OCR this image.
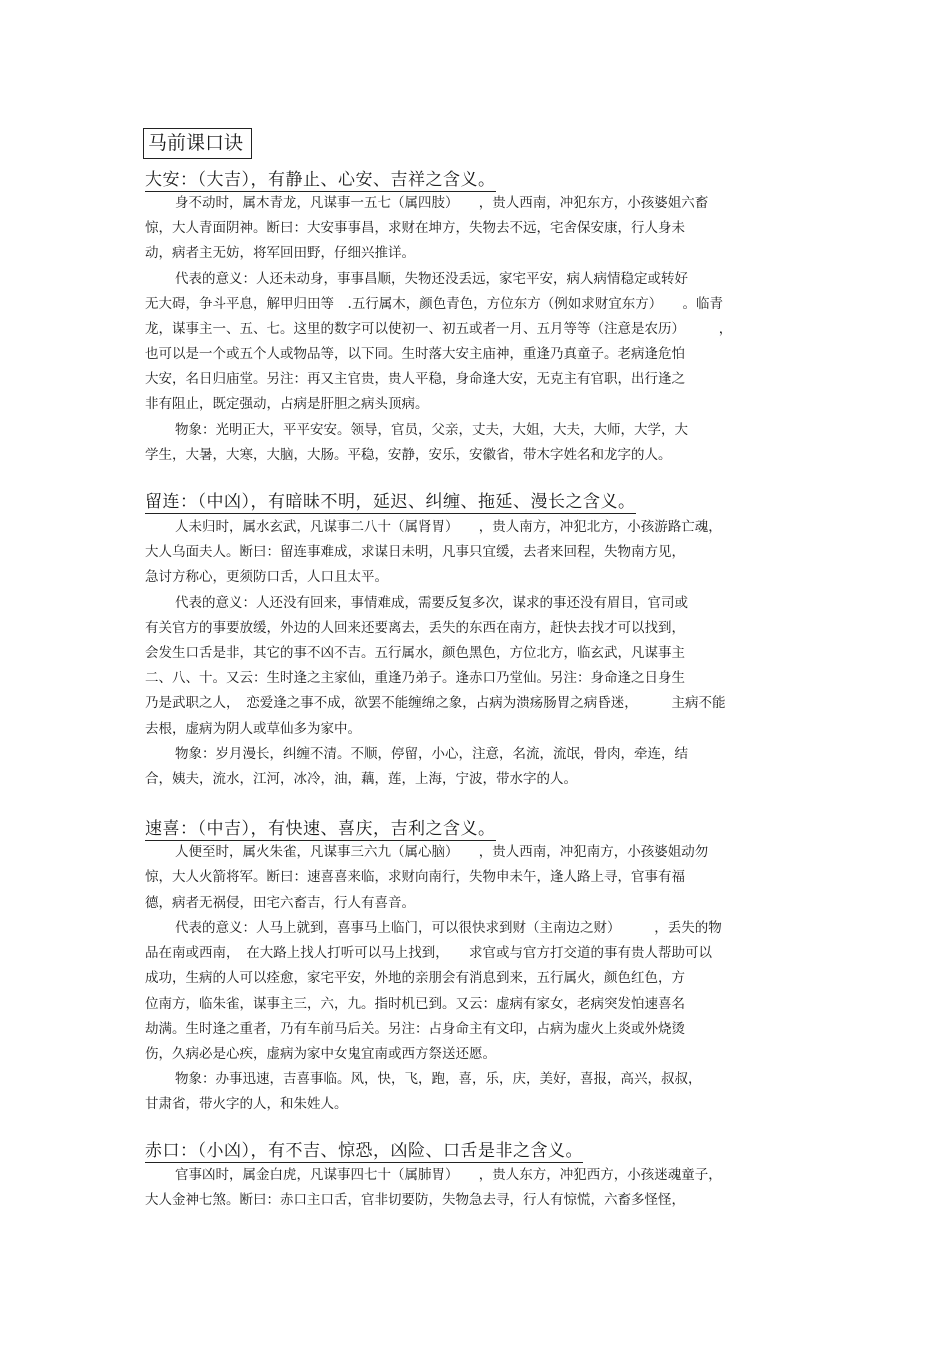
马前课口诀
大安：（大吉），有静止、心安、吉祥之含义。
身不动时，属木青龙，凡谋事一五七（属四肢）　　，贵人西南，冲犯东方，小孩婆姐六畜
惊，大人青面阴神。断曰：大安事事昌，求财在坤方，失物去不远，宅舍保安康，行人身未
动，病者主无妨，将军回田野，仔细兴推详。
代表的意义：人还未动身，事事昌顺，失物还没丢远，家宅平安，病人病情稳定或转好
无大碍，争斗平息，解甲归田等　.五行属木，颜色青色，方位东方（例如求财宜东方）　　。临青
龙，谋事主一、五、七。这里的数字可以使初一、初五或者一月、五月等等（注意是农历）　　　，
也可以是一个或五个人或物品等，以下同。生时落大安主庙神，重逢乃真童子。老病逢危怕
大安，名日归庙堂。另注：再又主官贵，贵人平稳，身命逢大安，无克主有官职，出行逢之
非有阻止，既定强动，占病是肝胆之病头顶病。
物象：光明正大，平平安安。领导，官员，父亲，丈夫，大姐，大夫，大师，大学，大
学生，大暑，大寒，大脑，大肠。平稳，安静，安乐，安徽省，带木字姓名和龙字的人。
留连：（中凶），有暗昧不明，延迟、纠缠、拖延、漫长之含义。
人未归时，属水玄武，凡谋事二八十（属肾胃）　　，贵人南方，冲犯北方，小孩游路亡魂，
大人乌面夫人。断曰：留连事难成，求谋日未明，凡事只宜缓，去者来回程，失物南方见，
急讨方称心，更须防口舌，人口且太平。
代表的意义：人还没有回来，事情难成，需要反复多次，谋求的事还没有眉目，官司或
有关官方的事要放缓，外边的人回来还要离去，丢失的东西在南方，赶快去找才可以找到，
会发生口舌是非，其它的事不凶不吉。五行属水，颜色黑色，方位北方，临玄武，凡谋事主
二、八、十。又云：生时逢之主家仙，重逢乃弟子。逢赤口乃堂仙。另注：身命逢之日身生
乃是武职之人，　恋爱逢之事不成，欲罢不能缠绵之象，占病为溃疡肠胃之病昏迷，　　　主病不能
去根，虚病为阴人或草仙多为家中。
物象：岁月漫长，纠缠不清。不顺，停留，小心，注意，名流，流氓，骨肉，牵连，结
合，姨夫，流水，江河，冰冷，油，藕，莲，上海，宁波，带水字的人。
速喜：（中吉），有快速、喜庆，吉利之含义。
人便至时，属火朱雀，凡谋事三六九（属心脑）　　，贵人西南，冲犯南方，小孩婆姐动勿
惊，大人火箭将军。断曰：速喜喜来临，求财向南行，失物申未午，逢人路上寻，官事有福
德，病者无祸侵，田宅六畜吉，行人有喜音。
代表的意义：人马上就到，喜事马上临门，可以很快求到财（主南边之财）　　　，丢失的物
品在南或西南，　在大路上找人打听可以马上找到，　　求官或与官方打交道的事有贵人帮助可以
成功，生病的人可以痊愈，家宅平安，外地的亲朋会有消息到来，五行属火，颜色红色，方
位南方，临朱雀，谋事主三，六，九。指时机已到。又云：虚病有家女，老病突发怕速喜名
劫满。生时逢之重者，乃有车前马后关。另注：占身命主有文印，占病为虚火上炎或外烧烫
伤，久病必是心疾，虚病为家中女鬼宜南或西方祭送还愿。
物象：办事迅速，吉喜事临。风，快，飞，跑，喜，乐，庆，美好，喜报，高兴，叔叔，
甘肃省，带火字的人，和朱姓人。
赤口：（小凶），有不吉、惊恐，凶险、口舌是非之含义。
官事凶时，属金白虎，凡谋事四七十（属肺胃）　　，贵人东方，冲犯西方，小孩迷魂童子，
大人金神七煞。断曰：赤口主口舌，官非切要防，失物急去寻，行人有惊慌，六畜多怪怪，
